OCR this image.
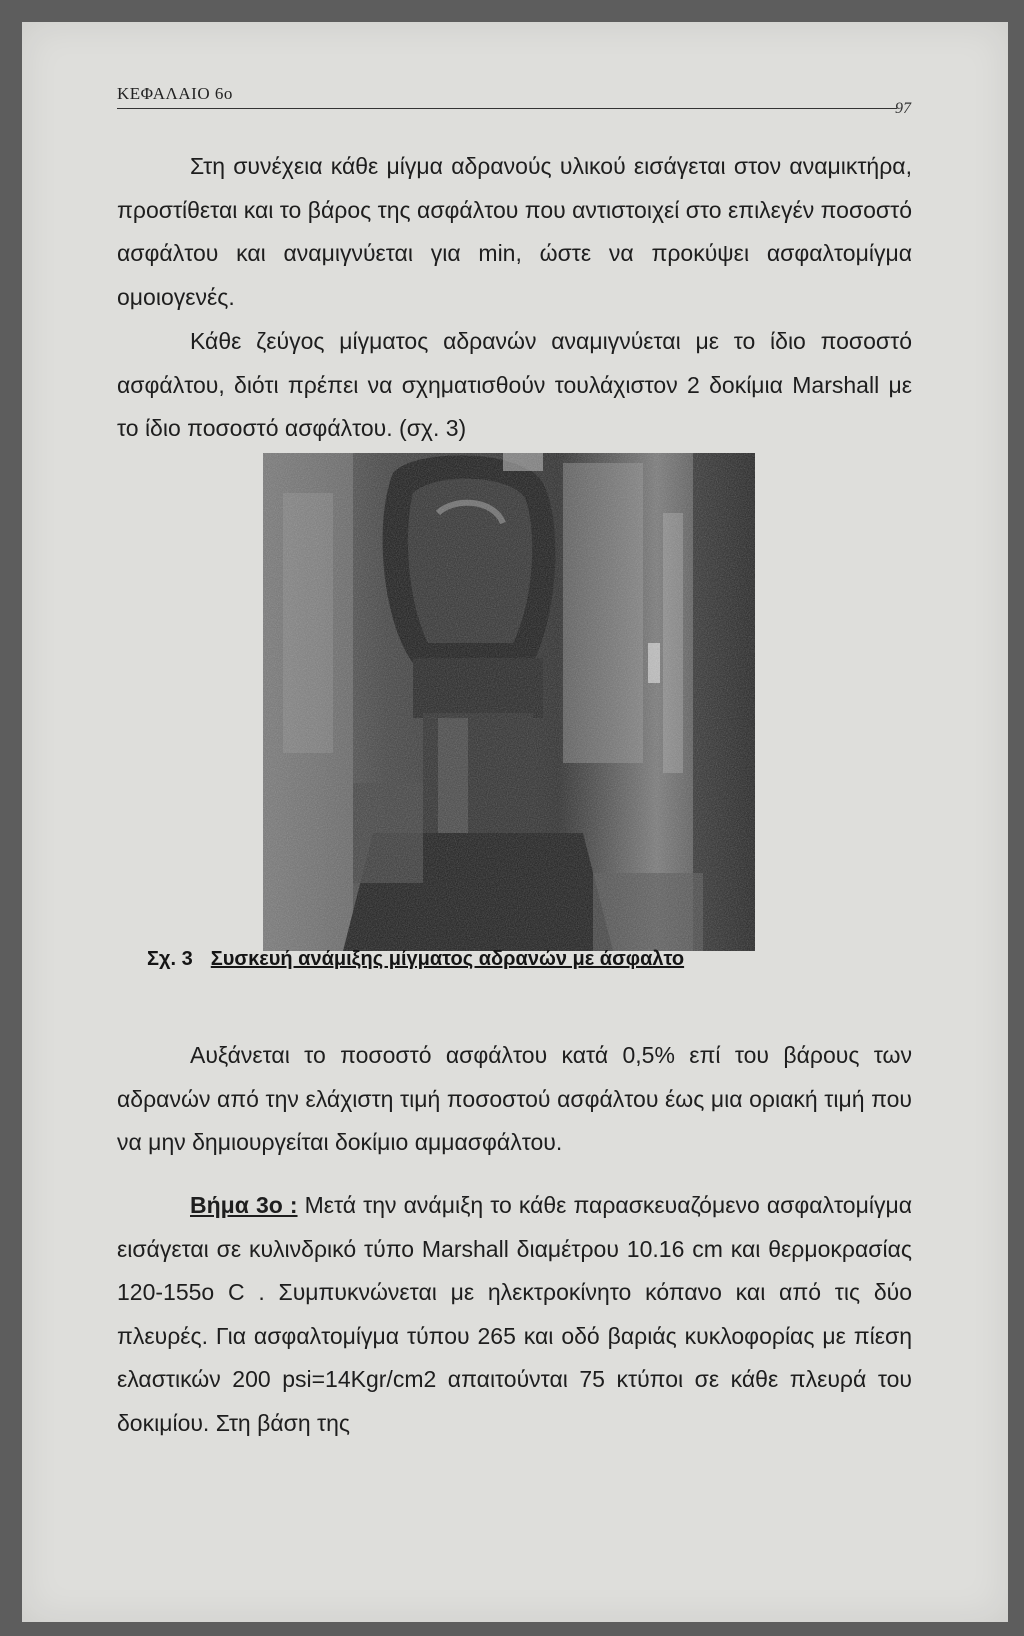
ΚΕΦΑΛΑΙΟ 6ο
97

Στη συνέχεια κάθε μίγμα αδρανούς υλικού εισάγεται στον αναμικτήρα, προστίθεται και το βάρος της ασφάλτου που αντιστοιχεί στο επιλεγέν ποσοστό ασφάλτου και αναμιγνύεται για min, ώστε να προκύψει ασφαλτομίγμα ομοιογενές.

Κάθε ζεύγος μίγματος αδρανών αναμιγνύεται με το ίδιο ποσοστό ασφάλτου, διότι πρέπει να σχηματισθούν τουλάχιστον 2 δοκίμια Marshall με το ίδιο ποσοστό ασφάλτου. (σχ. 3)

Σχ. 3 Συσκευή ανάμιξης μίγματος αδρανών με άσφαλτο

Αυξάνεται το ποσοστό ασφάλτου κατά 0,5% επί του βάρους των αδρανών από την ελάχιστη τιμή ποσοστού ασφάλτου έως μια οριακή τιμή που να μην δημιουργείται δοκίμιο αμμασφάλτου.

Βήμα 3ο : Μετά την ανάμιξη το κάθε παρασκευαζόμενο ασφαλτομίγμα εισάγεται σε κυλινδρικό τύπο Marshall διαμέτρου 10.16 cm και θερμοκρασίας 120-155ο C . Συμπυκνώνεται με ηλεκτροκίνητο κόπανο και από τις δύο πλευρές. Για ασφαλτομίγμα τύπου 265 και οδό βαριάς κυκλοφορίας με πίεση ελαστικών 200 psi=14Kgr/cm2 απαιτούνται 75 κτύποι σε κάθε πλευρά του δοκιμίου. Στη βάση της
